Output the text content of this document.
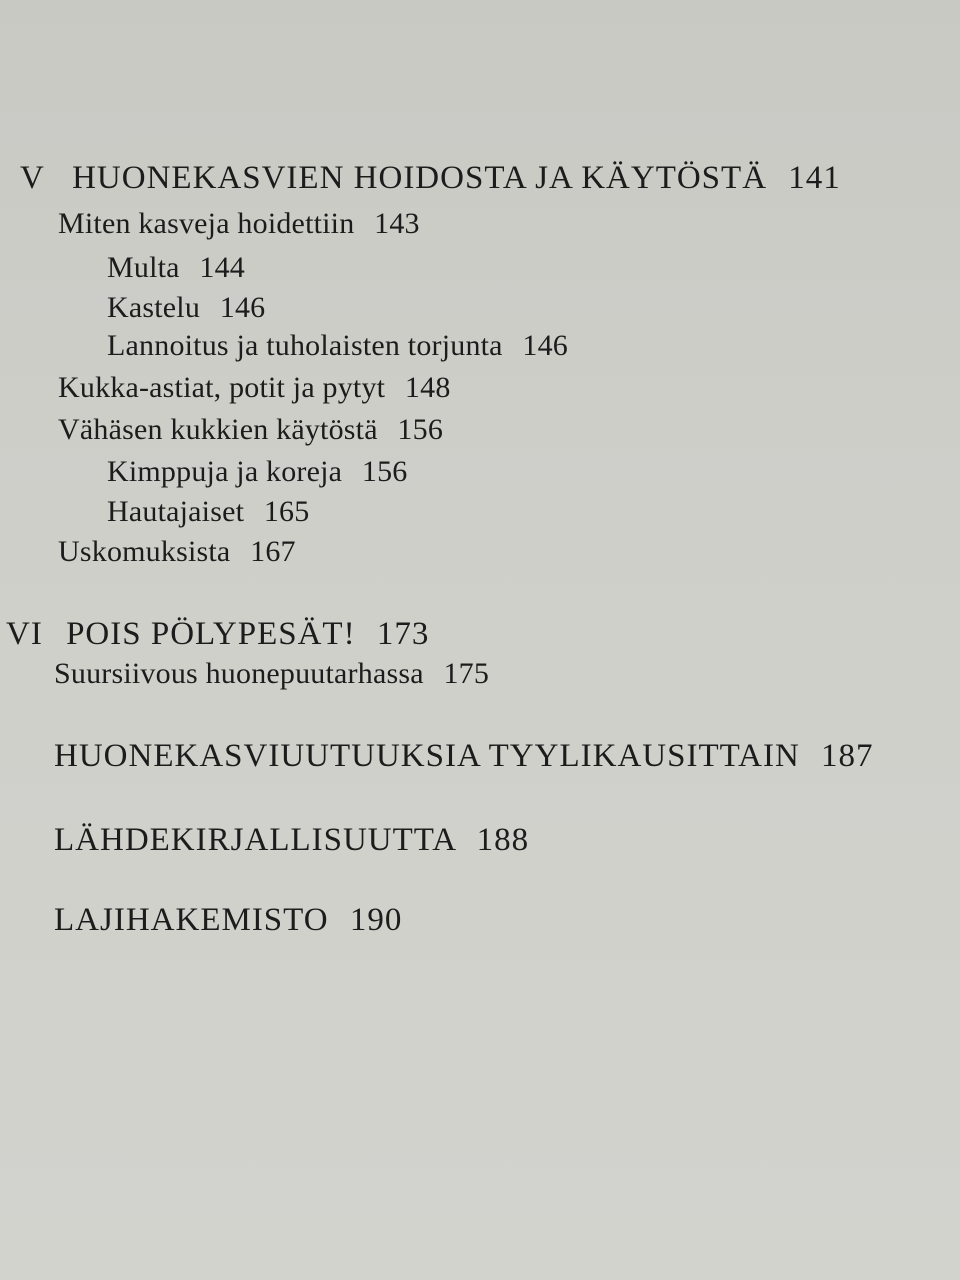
V HUONEKASVIEN HOIDOSTA JA KÄYTÖSTÄ 141
Miten kasveja hoidettiin 143
Multa 144
Kastelu 146
Lannoitus ja tuholaisten torjunta 146
Kukka-astiat, potit ja pytyt 148
Vähäsen kukkien käytöstä 156
Kimppuja ja koreja 156
Hautajaiset 165
Uskomuksista 167
VI POIS PÖLYPESÄT! 173
Suursiivous huonepuutarhassa 175
HUONEKASVIUUTUUKSIA TYYLIKAUSITTAIN 187
LÄHDEKIRJALLISUUTTA 188
LAJIHAKEMISTO 190
